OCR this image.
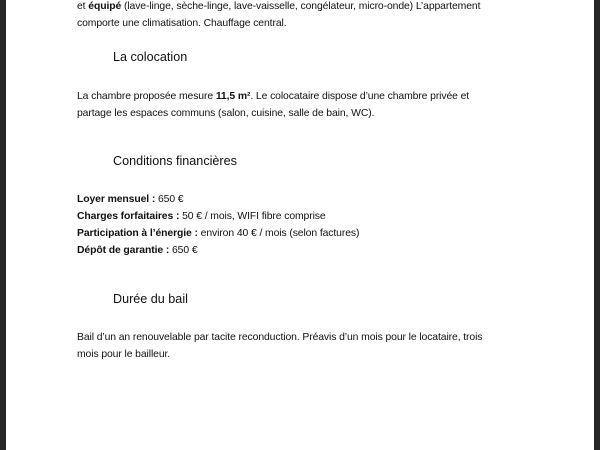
et équipé (lave-linge, sèche-linge, lave-vaisselle, congélateur, micro-onde) L’appartement
comporte une climatisation. Chauffage central.
La colocation
La chambre proposée mesure 11,5 m². Le colocataire dispose d’une chambre privée et
partage les espaces communs (salon, cuisine, salle de bain, WC).
Conditions financières
Loyer mensuel : 650 €
Charges forfaitaires : 50 € / mois, WIFI fibre comprise
Participation à l’énergie : environ 40 € / mois (selon factures)
Dépôt de garantie : 650 €
Durée du bail
Bail d’un an renouvelable par tacite reconduction. Préavis d’un mois pour le locataire, trois
mois pour le bailleur.
